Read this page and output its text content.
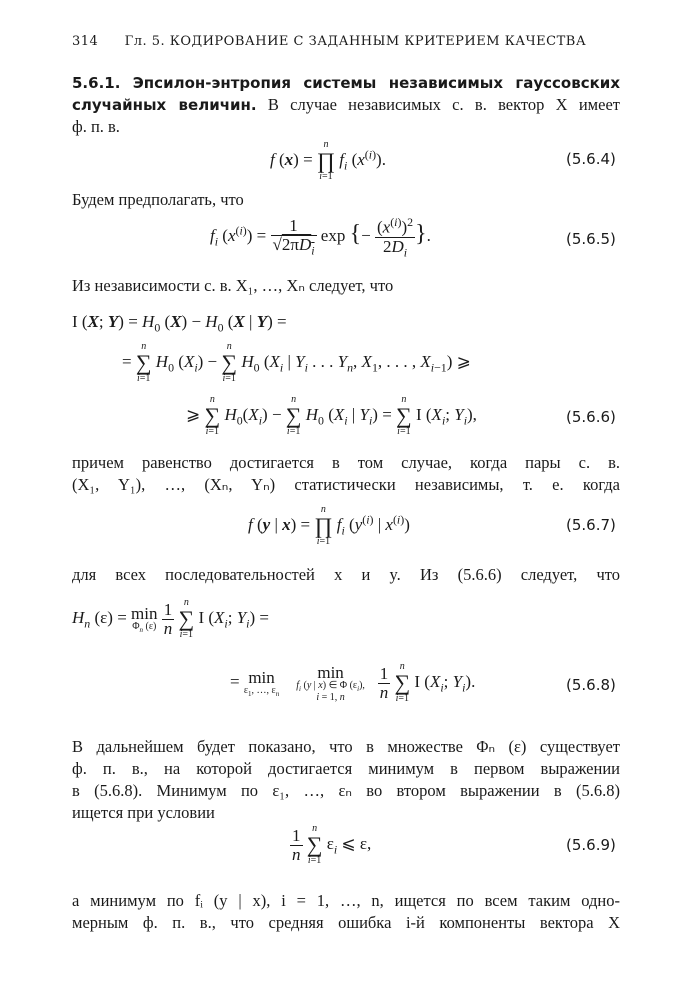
314 Гл. 5. КОДИРОВАНИЕ С ЗАДАННЫМ КРИТЕРИЕМ КАЧЕСТВА
5.6.1. Эпсилон-энтропия системы независимых гауссовских
случайных величин. В случае независимых с. в. вектор X имеет
ф. п. в.
f (x) =
n
∏
i=1
$f_i$ $(x^{(i)})$.	(5.6.4)
Будем предполагать, что
$f_i$ $(x^{(i)}) = \frac{1}{√2\pi D_i}$ exp {− $\frac{(x^{(i)})^2}{2D_i}$ }.	(5.6.5)
Из независимости с. в. X₁, …, Xₙ следует, что
I (X; $Y) = H_0$ $(X) - H_0$ (X | Y) =
=
n
∑
i=1
$H_0$ $(X_i)$ −
n
∑
i=1
$H_0$ ($X_i$ | $Y_i$ . . . $Y_n$, $X_1$, . . . , $X_{i-1}$) ⩾
⩾
n
∑
i=1
$H_0(X_i)$ −
n
∑
i=1
$H_0$ ($X_i$ | $Y_i$) =
n
∑
i=1
I ($X_i$; $Y_i$),	(5.6.6)
причем равенство достигается в том случае, когда пары с. в.
(X₁, Y₁), …, (Xₙ, Yₙ) статистически независимы, т. е. когда
f (y | x) =
n
∏
i=1
$f_i$ ($y^{(i)}$ | $x^{(i)}$)	(5.6.7)
для всех последовательностей x и y. Из (5.6.6) следует, что
$H_n$ (ε) = min
$\Phi_n$ (ε)
$\frac{1}{n}$
n
∑
i=1
I ($X_i$; $Y_i$) =
= min
$\varepsilon_1$, …, $\varepsilon_n$
min
$f_i$ (y | x) ∈ Φ $(\varepsilon_i)$,
i = 1, n
	$\frac{1}{n}$
n
∑
i=1
I ($X_i$; $Y_i$).	(5.6.8)
В дальнейшем будет показано, что в множестве Φₙ (ε) существует
ф. п. в., на которой достигается минимум в первом выражении
в (5.6.8). Минимум по ε₁, …, εₙ во втором выражении в (5.6.8)
ищется при условии
$\frac{1}{n}$
n
∑
i=1
$\varepsilon_i$ ⩽ ε,	(5.6.9)
а минимум по fᵢ (y | x), i = 1, …, n, ищется по всем таким одно-
мерным ф. п. в., что средняя ошибка i-й компоненты вектора X
